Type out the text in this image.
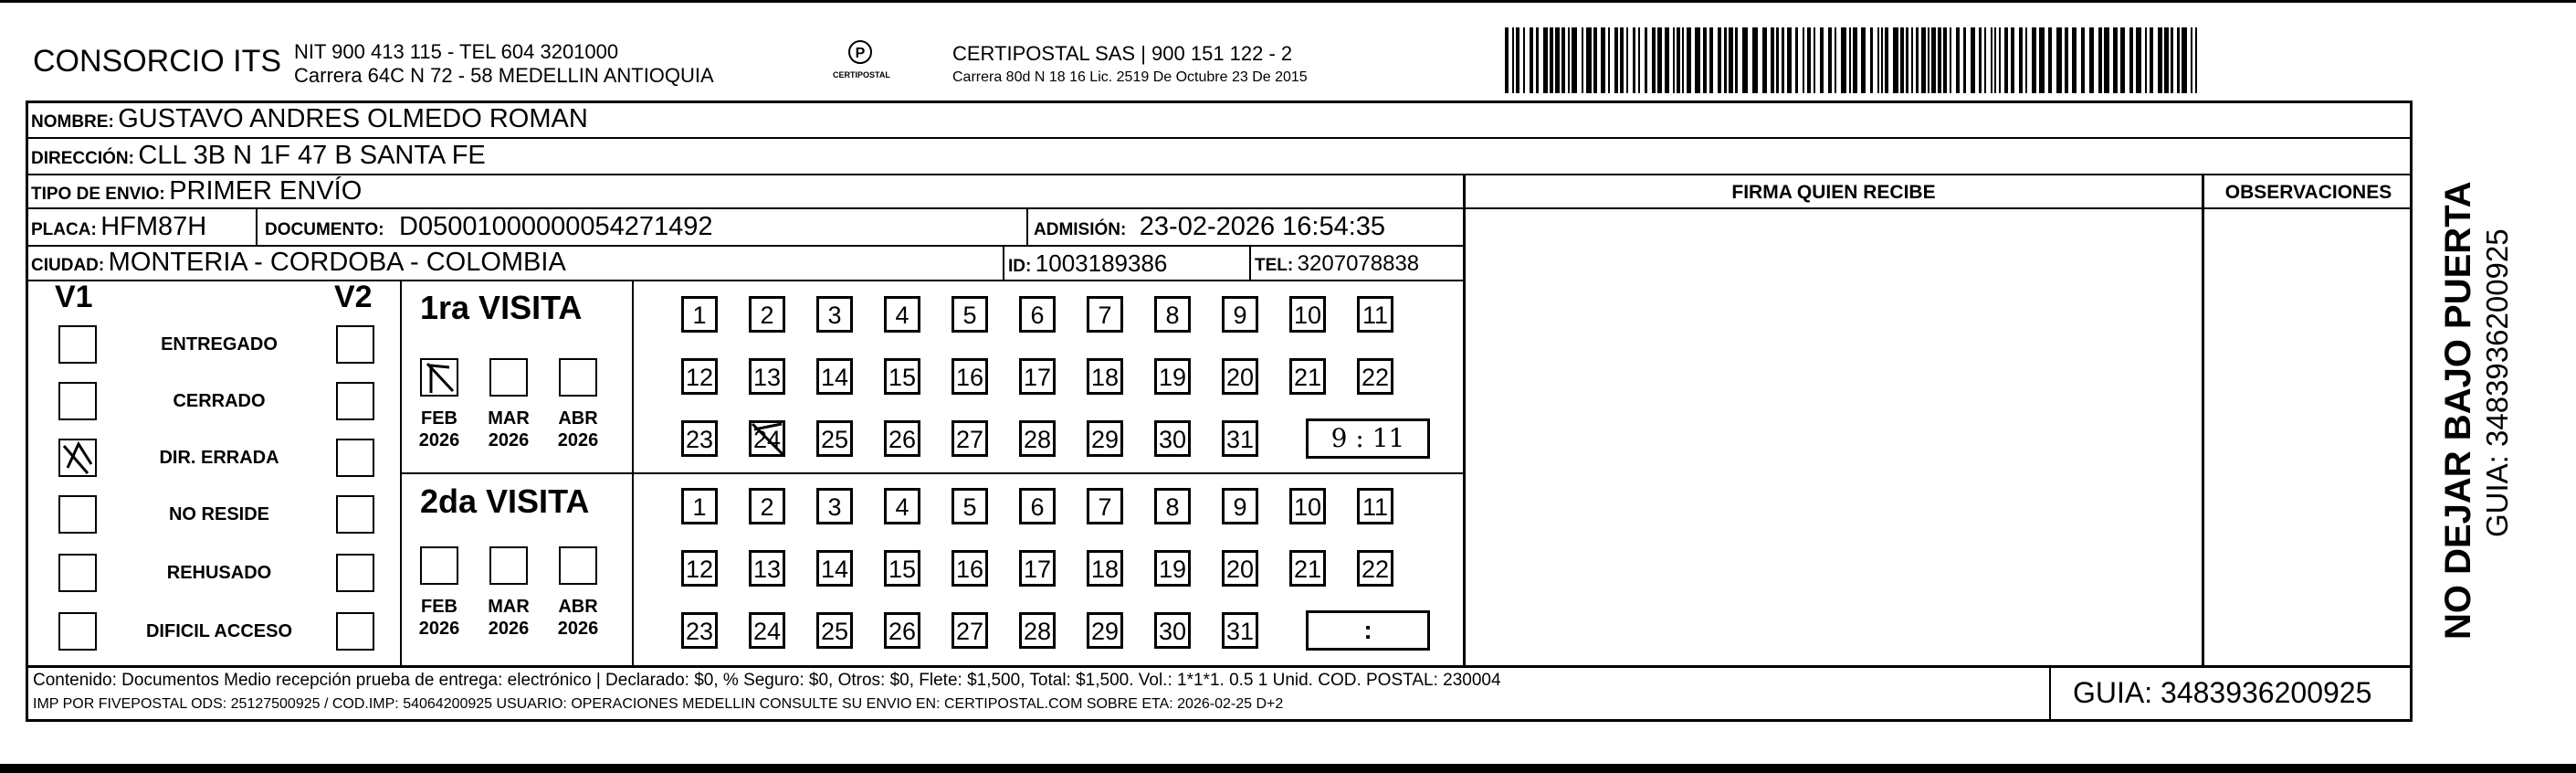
CONSORCIO ITS NIT 900 413 115 - TEL 604 3201000
Carrera 64C N 72 - 58 MEDELLIN ANTIOQUIA
P
CERTIPOSTAL
CERTIPOSTAL SAS | 900 151 122 - 2
Carrera 80d N 18 16 Lic. 2519 De Octubre 23 De 2015
NOMBRE: GUSTAVO ANDRES OLMEDO ROMAN
DIRECCIÓN: CLL 3B N 1F 47 B SANTA FE
TIPO DE ENVIO: PRIMER ENVÍO	FIRMA QUIEN RECIBE	OBSERVACIONES
PLACA: HFM87H	DOCUMENTO: D05001000000054271492	ADMISIÓN: 23-02-2026 16:54:35
CIUDAD: MONTERIA - CORDOBA - COLOMBIA	ID: 1003189386	TEL: 3207078838
V1	V2
ENTREGADO
CERRADO
DIR. ERRADA
NO RESIDE
REHUSADO
DIFICIL ACCESO
1ra VISITA
2da VISITA
FEB
2026
MAR
2026
ABR
2026
FEB
2026
MAR
2026
ABR
2026
1	2	3	4	5	6	7	8	9	10 11
12 13 14 15 16 17 18 19 20 21 22
23 24 25 26 27 28 29 30 31
1	2	3	4	5	6	7	8	9	10 11
12 13 14 15 16 17 18 19 20 21 22
23 24 25 26 27 28 29 30 31
9 : 11
:	NO DEJAR BAJO PUERTA GUIA: 3483936200925
Contenido: Documentos Medio recepción prueba de entrega: electrónico | Declarado: $0, % Seguro: $0, Otros: $0, Flete: $1,500, Total: $1,500. Vol.: 1*1*1. 0.5 1 Unid. COD. POSTAL: 230004
IMP POR FIVEPOSTAL ODS: 25127500925 / COD.IMP: 54064200925 USUARIO: OPERACIONES MEDELLIN CONSULTE SU ENVIO EN: CERTIPOSTAL.COM SOBRE ETA: 2026-02-25 D+2	GUIA: 3483936200925
